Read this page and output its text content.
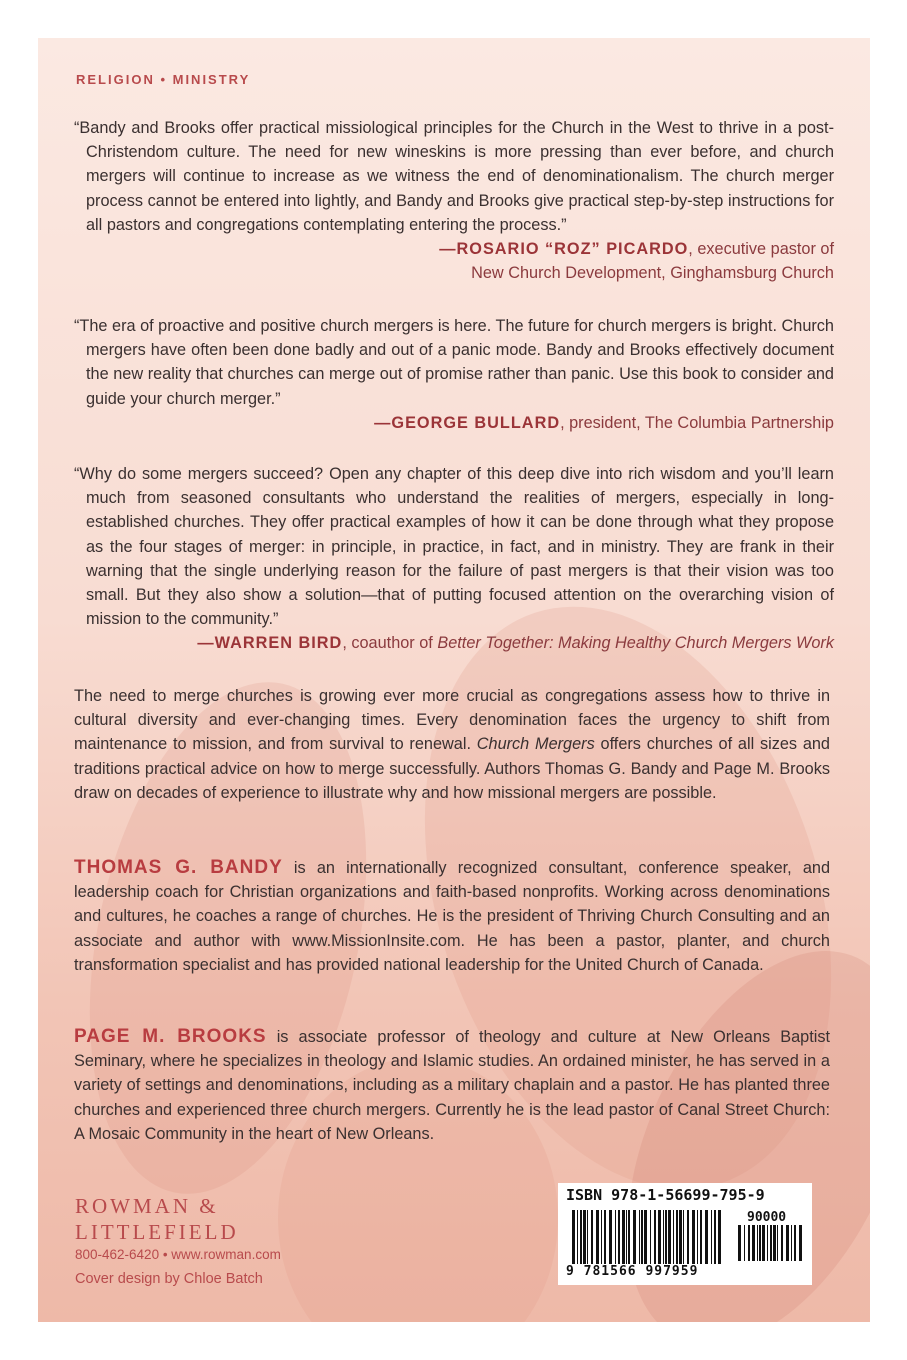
RELIGION • MINISTRY

“Bandy and Brooks offer practical missiological principles for the Church in the West to thrive in a post-Christendom culture. The need for new wineskins is more pressing than ever before, and church mergers will continue to increase as we witness the end of denominationalism. The church merger process cannot be entered into lightly, and Bandy and Brooks give practical step-by-step instructions for all pastors and congregations contemplating entering the process.”

—ROSARIO “ROZ” PICARDO, executive pastor of
New Church Development, Ginghamsburg Church

“The era of proactive and positive church mergers is here. The future for church mergers is bright. Church mergers have often been done badly and out of a panic mode. Bandy and Brooks effectively document the new reality that churches can merge out of promise rather than panic. Use this book to consider and guide your church merger.”

—GEORGE BULLARD, president, The Columbia Partnership

“Why do some mergers succeed? Open any chapter of this deep dive into rich wisdom and you’ll learn much from seasoned consultants who understand the realities of mergers, especially in long-established churches. They offer practical examples of how it can be done through what they propose as the four stages of merger: in principle, in practice, in fact, and in ministry. They are frank in their warning that the single underlying reason for the failure of past mergers is that their vision was too small. But they also show a solution—that of putting focused attention on the overarching vision of mission to the community.”

—WARREN BIRD, coauthor of Better Together: Making Healthy Church Mergers Work

The need to merge churches is growing ever more crucial as congregations assess how to thrive in cultural diversity and ever-changing times. Every denomination faces the urgency to shift from maintenance to mission, and from survival to renewal. Church Mergers offers churches of all sizes and traditions practical advice on how to merge successfully. Authors Thomas G. Bandy and Page M. Brooks draw on decades of experience to illustrate why and how missional mergers are possible.

THOMAS G. BANDY is an internationally recognized consultant, conference speaker, and leadership coach for Christian organizations and faith-based nonprofits. Working across denominations and cultures, he coaches a range of churches. He is the president of Thriving Church Consulting and an associate and author with www.MissionInsite.com. He has been a pastor, planter, and church transformation specialist and has provided national leadership for the United Church of Canada.

PAGE M. BROOKS is associate professor of theology and culture at New Orleans Baptist Seminary, where he specializes in theology and Islamic studies. An ordained minister, he has served in a variety of settings and denominations, including as a military chaplain and a pastor. He has planted three churches and experienced three church mergers. Currently he is the lead pastor of Canal Street Church: A Mosaic Community in the heart of New Orleans.

ROWMAN &
LITTLEFIELD
800-462-6420 • www.rowman.com
Cover design by Chloe Batch
ISBN 978-1-56699-795-9
90000
9 781566 997959
